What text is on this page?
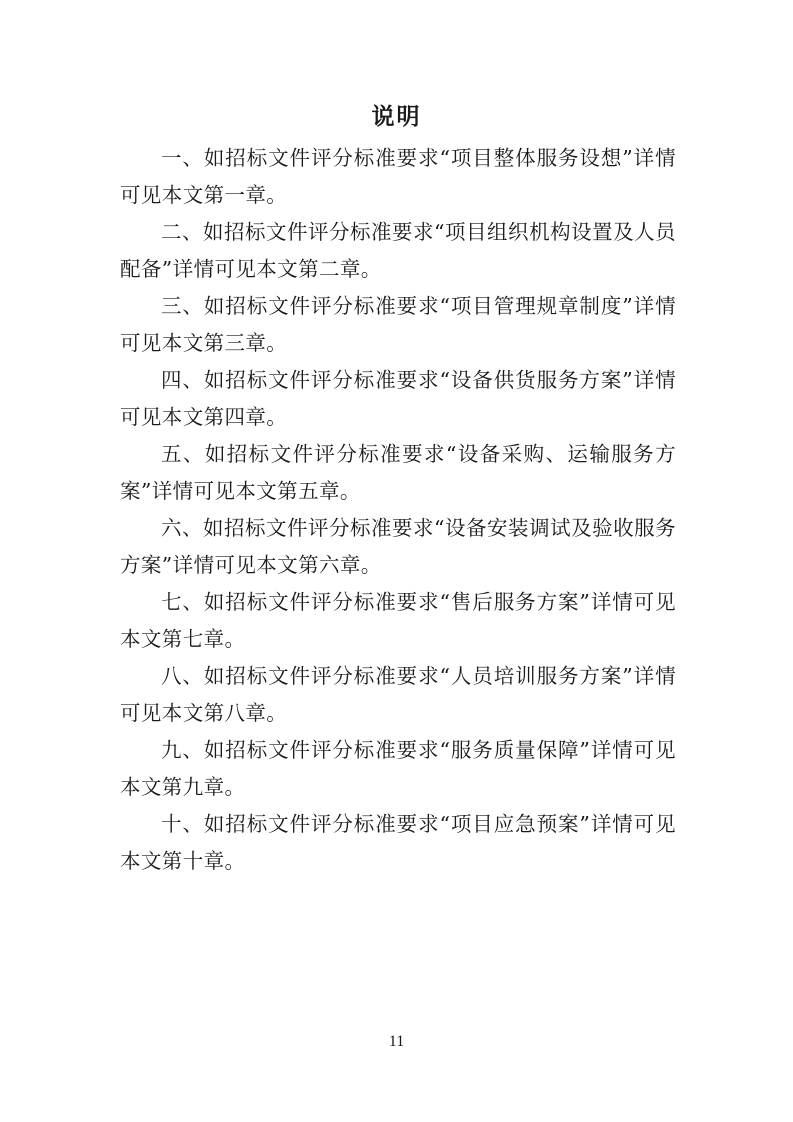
说明

一、如招标文件评分标准要求“项目整体服务设想”详情可见本文第一章。

二、如招标文件评分标准要求“项目组织机构设置及人员配备”详情可见本文第二章。

三、如招标文件评分标准要求“项目管理规章制度”详情可见本文第三章。

四、如招标文件评分标准要求“设备供货服务方案”详情可见本文第四章。

五、如招标文件评分标准要求“设备采购、运输服务方案”详情可见本文第五章。

六、如招标文件评分标准要求“设备安装调试及验收服务方案”详情可见本文第六章。

七、如招标文件评分标准要求“售后服务方案”详情可见本文第七章。

八、如招标文件评分标准要求“人员培训服务方案”详情可见本文第八章。

九、如招标文件评分标准要求“服务质量保障”详情可见本文第九章。

十、如招标文件评分标准要求“项目应急预案”详情可见本文第十章。

11
